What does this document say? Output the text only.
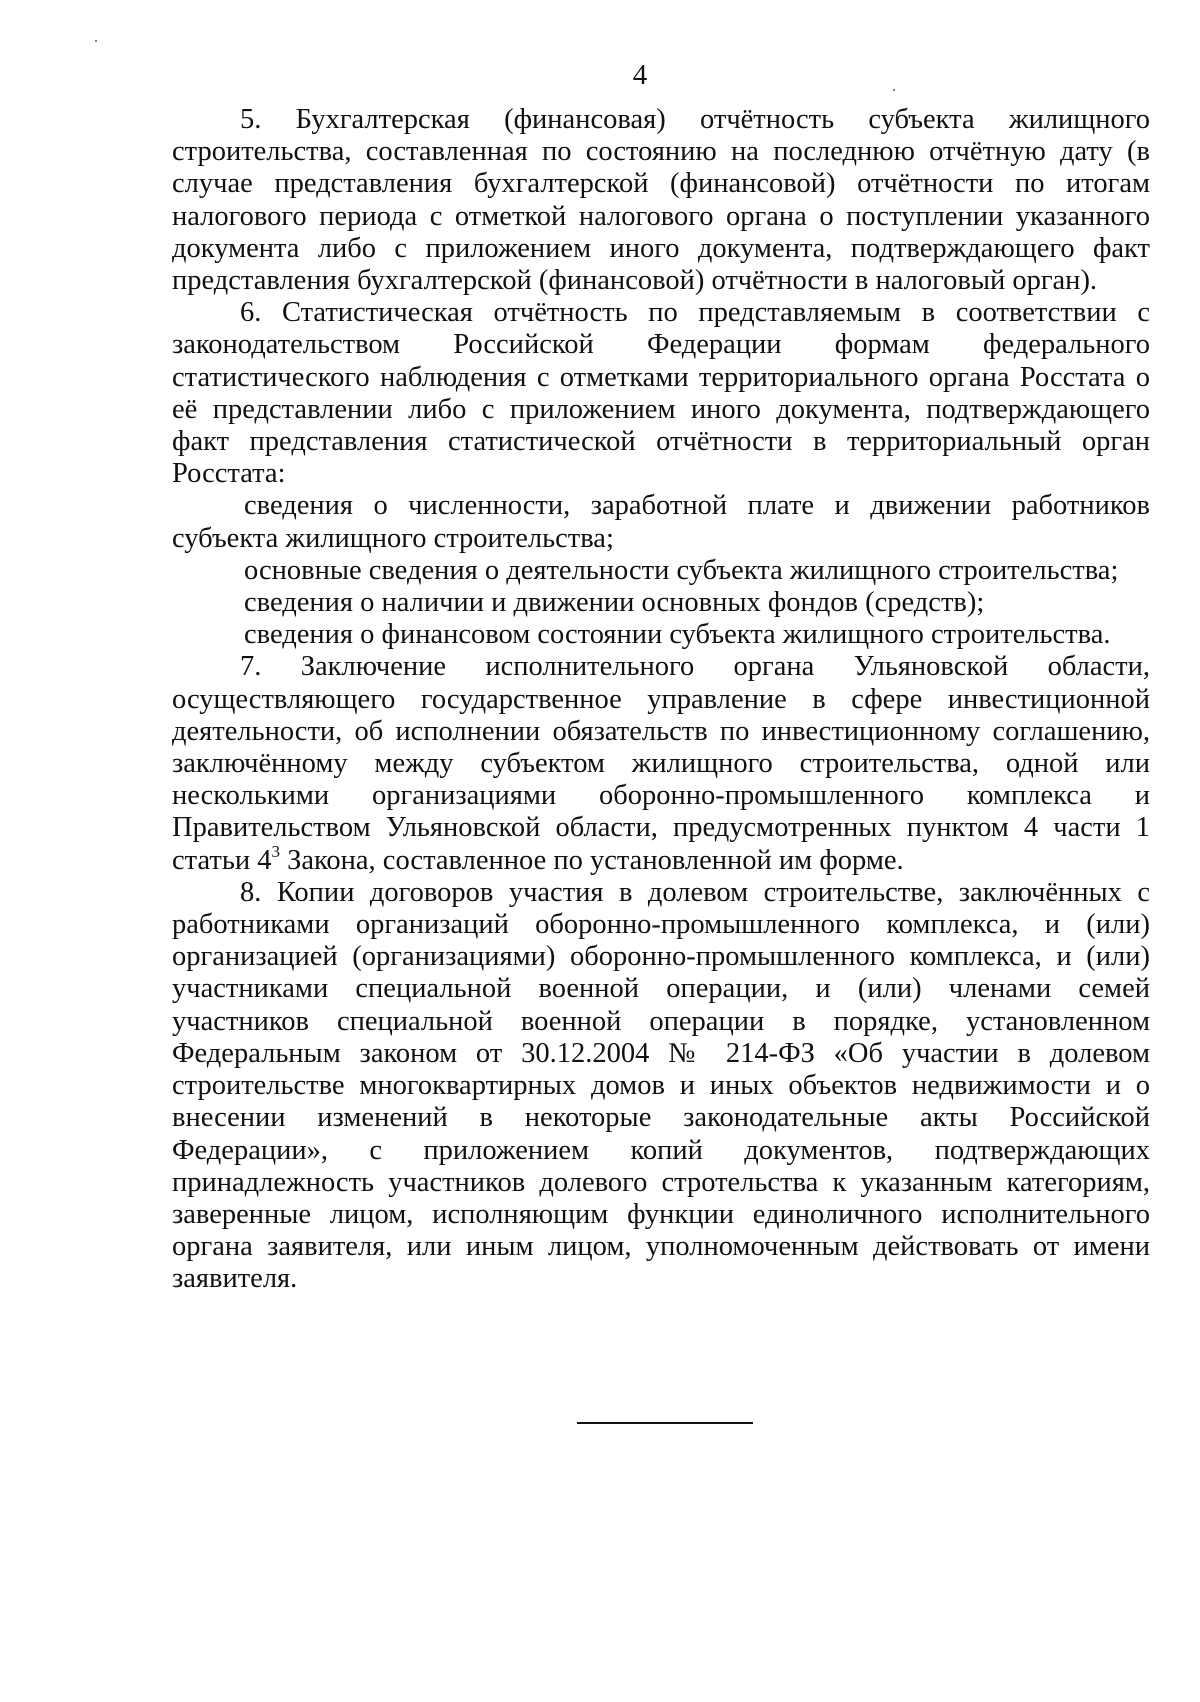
4

5. Бухгалтерская (финансовая) отчётность субъекта жилищного строительства, составленная по состоянию на последнюю отчётную дату (в случае представления бухгалтерской (финансовой) отчётности по итогам налогового периода с отметкой налогового органа о поступлении указанного документа либо с приложением иного документа, подтверждающего факт представления бухгалтерской (финансовой) отчётности в налоговый орган).

6. Статистическая отчётность по представляемым в соответствии с законодательством Российской Федерации формам федерального статистического наблюдения с отметками территориального органа Росстата о её представлении либо с приложением иного документа, подтверждающего факт представления статистической отчётности в территориальный орган Росстата:

сведения о численности, заработной плате и движении работников субъекта жилищного строительства;

основные сведения о деятельности субъекта жилищного строительства;

сведения о наличии и движении основных фондов (средств);

сведения о финансовом состоянии субъекта жилищного строительства.

7. Заключение исполнительного органа Ульяновской области, осуществляющего государственное управление в сфере инвестиционной деятельности, об исполнении обязательств по инвестиционному соглашению, заключённому между субъектом жилищного строительства, одной или несколькими организациями оборонно-промышленного комплекса и Правительством Ульяновской области, предусмотренных пунктом 4 части 1 статьи $4^3$ Закона, составленное по установленной им форме.

8. Копии договоров участия в долевом строительстве, заключённых с работниками организаций оборонно-промышленного комплекса, и (или) организацией (организациями) оборонно-промышленного комплекса, и (или) участниками специальной военной операции, и (или) членами семей участников специальной военной операции в порядке, установленном Федеральным законом от 30.12.2004 № 214-ФЗ «Об участии в долевом строительстве многоквартирных домов и иных объектов недвижимости и о внесении изменений в некоторые законодательные акты Российской Федерации», с приложением копий документов, подтверждающих принадлежность участников долевого стротельства к указанным категориям, заверенные лицом, исполняющим функции единоличного исполнительного органа заявителя, или иным лицом, уполномоченным действовать от имени заявителя.
